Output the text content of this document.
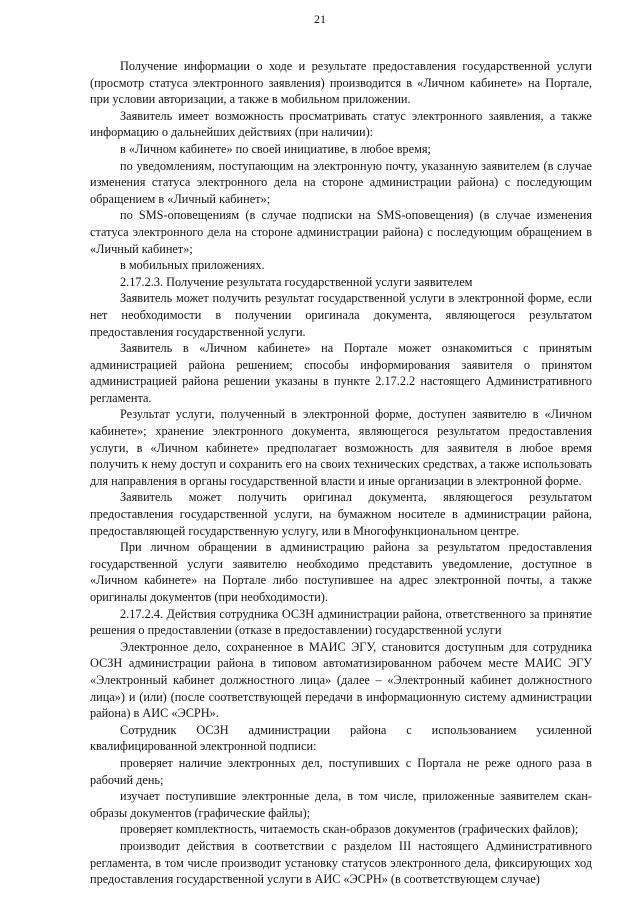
21

Получение информации о ходе и результате предоставления государственной услуги (просмотр статуса электронного заявления) производится в «Личном кабинете» на Портале, при условии авторизации, а также в мобильном приложении.

Заявитель имеет возможность просматривать статус электронного заявления, а также информацию о дальнейших действиях (при наличии):

в «Личном кабинете» по своей инициативе, в любое время;

по уведомлениям, поступающим на электронную почту, указанную заявителем (в случае изменения статуса электронного дела на стороне администрации района) с последующим обращением в «Личный кабинет»;

по SMS-оповещениям (в случае подписки на SMS-оповещения) (в случае изменения статуса электронного дела на стороне администрации района) с последующим обращением в «Личный кабинет»;

в мобильных приложениях.

2.17.2.3. Получение результата государственной услуги заявителем

Заявитель может получить результат государственной услуги в электронной форме, если нет необходимости в получении оригинала документа, являющегося результатом предоставления государственной услуги.

Заявитель в «Личном кабинете» на Портале может ознакомиться с принятым администрацией района решением; способы информирования заявителя о принятом администрацией района решении указаны в пункте 2.17.2.2 настоящего Административного регламента.

Результат услуги, полученный в электронной форме, доступен заявителю в «Личном кабинете»; хранение электронного документа, являющегося результатом предоставления услуги, в «Личном кабинете» предполагает возможность для заявителя в любое время получить к нему доступ и сохранить его на своих технических средствах, а также использовать для направления в органы государственной власти и иные организации в электронной форме.

Заявитель может получить оригинал документа, являющегося результатом предоставления государственной услуги, на бумажном носителе в администрации района, предоставляющей государственную услугу, или в Многофункциональном центре.

При личном обращении в администрацию района за результатом предоставления государственной услуги заявителю необходимо представить уведомление, доступное в «Личном кабинете» на Портале либо поступившее на адрес электронной почты, а также оригиналы документов (при необходимости).

2.17.2.4. Действия сотрудника ОСЗН администрации района, ответственного за принятие решения о предоставлении (отказе в предоставлении) государственной услуги

Электронное дело, сохраненное в МАИС ЭГУ, становится доступным для сотрудника ОСЗН администрации района в типовом автоматизированном рабочем месте МАИС ЭГУ «Электронный кабинет должностного лица» (далее – «Электронный кабинет должностного лица») и (или) (после соответствующей передачи в информационную систему администрации района) в АИС «ЭСРН».

Сотрудник ОСЗН администрации района с использованием усиленной квалифицированной электронной подписи:

проверяет наличие электронных дел, поступивших с Портала не реже одного раза в рабочий день;

изучает поступившие электронные дела, в том числе, приложенные заявителем скан-образы документов (графические файлы);

проверяет комплектность, читаемость скан-образов документов (графических файлов);

производит действия в соответствии с разделом III настоящего Административного регламента, в том числе производит установку статусов электронного дела, фиксирующих ход предоставления государственной услуги в АИС «ЭСРН» (в соответствующем случае)
